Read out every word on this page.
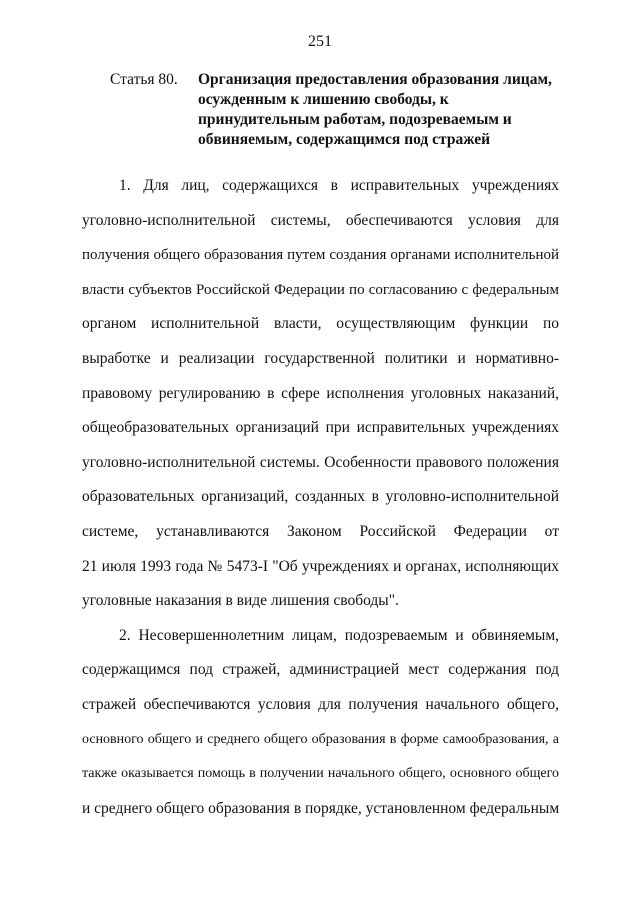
251
Статья 80. Организация предоставления образования лицам,
осужденным к лишению свободы, к
принудительным работам, подозреваемым и
обвиняемым, содержащимся под стражей
1. Для лиц, содержащихся в исправительных учреждениях
уголовно-исполнительной системы, обеспечиваются условия для
получения общего образования путем создания органами исполнительной
власти субъектов Российской Федерации по согласованию с федеральным
органом исполнительной власти, осуществляющим функции по
выработке и реализации государственной политики и нормативно-
правовому регулированию в сфере исполнения уголовных наказаний,
общеобразовательных организаций при исправительных учреждениях
уголовно-исполнительной системы. Особенности правового положения
образовательных организаций, созданных в уголовно-исполнительной
системе, устанавливаются Законом Российской Федерации от
21 июля 1993 года № 5473-I "Об учреждениях и органах, исполняющих
уголовные наказания в виде лишения свободы".
2. Несовершеннолетним лицам, подозреваемым и обвиняемым,
содержащимся под стражей, администрацией мест содержания под
стражей обеспечиваются условия для получения начального общего,
основного общего и среднего общего образования в форме самообразования, а
также оказывается помощь в получении начального общего, основного общего
и среднего общего образования в порядке, установленном федеральным
